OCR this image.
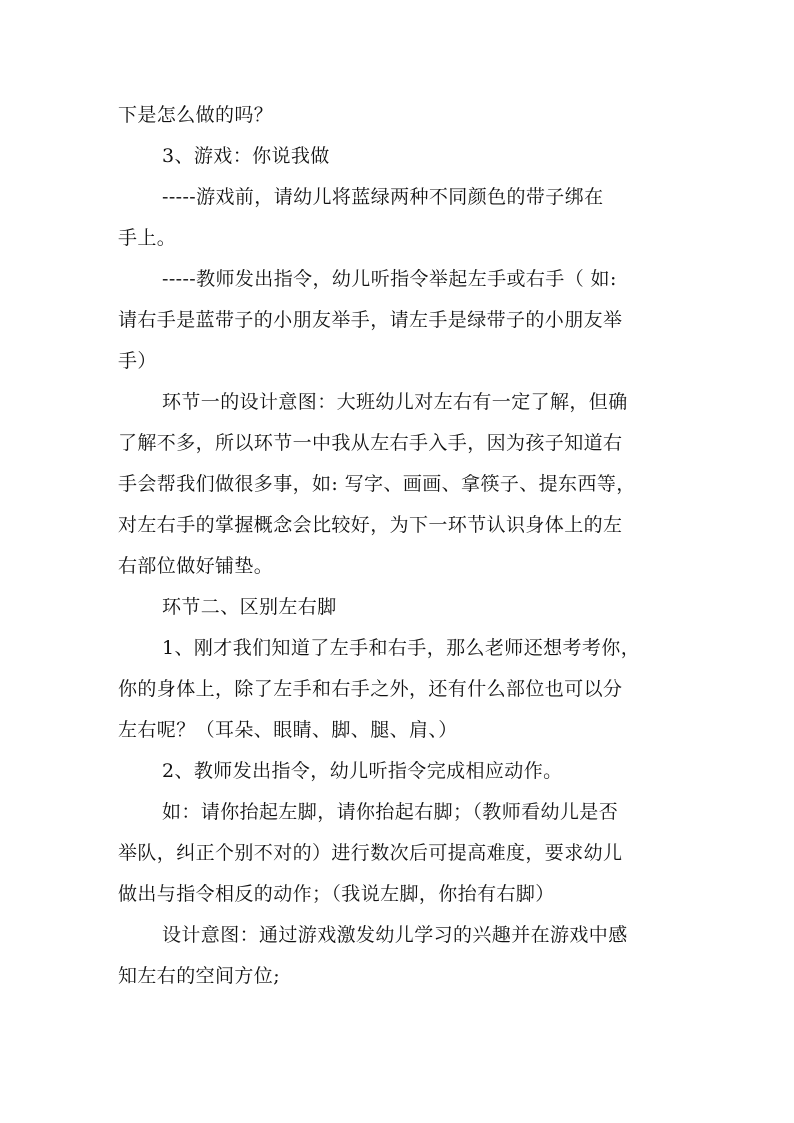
下是怎么做的吗？
3、游戏：你说我做
-----游戏前，请幼儿将蓝绿两种不同颜色的带子绑在
手上。
-----教师发出指令，幼儿听指令举起左手或右手（ 如:
请右手是蓝带子的小朋友举手，请左手是绿带子的小朋友举
手）
环节一的设计意图：大班幼儿对左右有一定了解，但确
了解不多，所以环节一中我从左右手入手，因为孩子知道右
手会帮我们做很多事，如: 写字、画画、拿筷子、提东西等，
对左右手的掌握概念会比较好，为下一环节认识身体上的左
右部位做好铺垫。
环节二、区别左右脚
1、刚才我们知道了左手和右手，那么老师还想考考你，
你的身体上，除了左手和右手之外，还有什么部位也可以分
左右呢？（耳朵、眼睛、脚、腿、肩、）
2、教师发出指令，幼儿听指令完成相应动作。
如：请你抬起左脚，请你抬起右脚；（教师看幼儿是否
举队，纠正个别不对的）进行数次后可提高难度，要求幼儿
做出与指令相反的动作；（我说左脚，你抬有右脚）
设计意图：通过游戏激发幼儿学习的兴趣并在游戏中感
知左右的空间方位;
